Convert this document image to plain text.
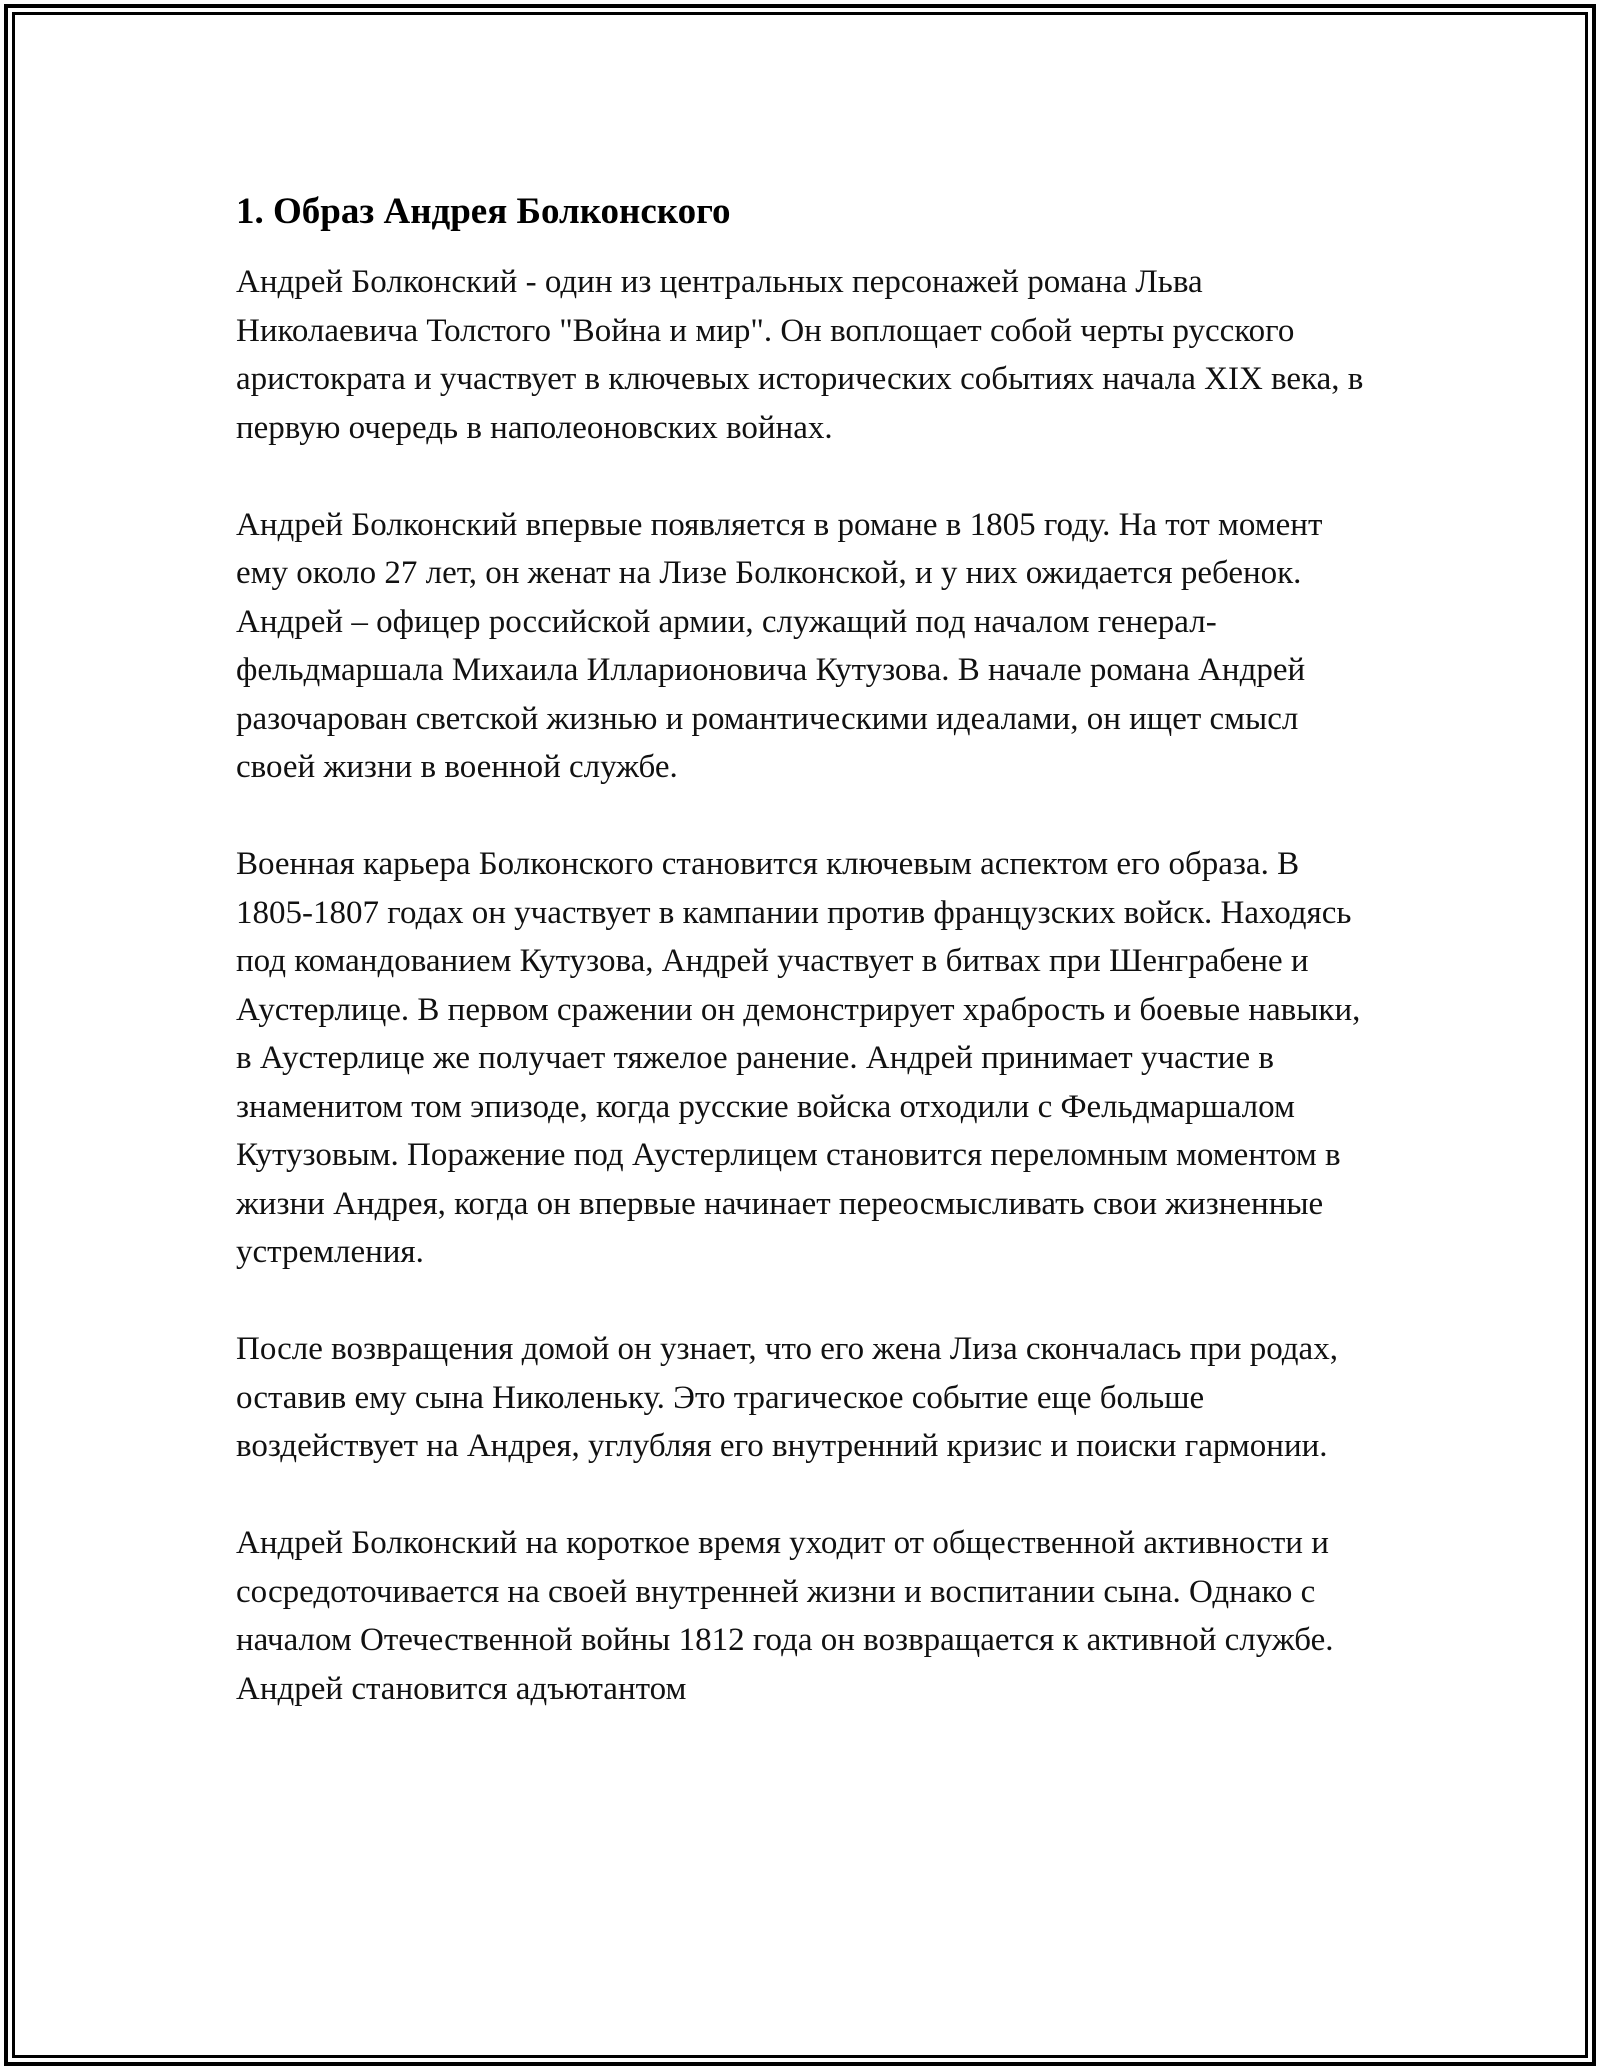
1. Образ Андрея Болконского

Андрей Болконский - один из центральных персонажей романа Льва Николаевича Толстого "Война и мир". Он воплощает собой черты русского аристократа и участвует в ключевых исторических событиях начала XIX века, в первую очередь в наполеоновских войнах.

Андрей Болконский впервые появляется в романе в 1805 году. На тот момент ему около 27 лет, он женат на Лизе Болконской, и у них ожидается ребенок. Андрей – офицер российской армии, служащий под началом генерал-фельдмаршала Михаила Илларионовича Кутузова. В начале романа Андрей разочарован светской жизнью и романтическими идеалами, он ищет смысл своей жизни в военной службе.

Военная карьера Болконского становится ключевым аспектом его образа. В 1805-1807 годах он участвует в кампании против французских войск. Находясь под командованием Кутузова, Андрей участвует в битвах при Шенграбене и Аустерлице. В первом сражении он демонстрирует храбрость и боевые навыки, в Аустерлице же получает тяжелое ранение. Андрей принимает участие в знаменитом том эпизоде, когда русские войска отходили с Фельдмаршалом Кутузовым. Поражение под Аустерлицем становится переломным моментом в жизни Андрея, когда он впервые начинает переосмысливать свои жизненные устремления.

После возвращения домой он узнает, что его жена Лиза скончалась при родах, оставив ему сына Николеньку. Это трагическое событие еще больше воздействует на Андрея, углубляя его внутренний кризис и поиски гармонии.

Андрей Болконский на короткое время уходит от общественной активности и сосредоточивается на своей внутренней жизни и воспитании сына. Однако с началом Отечественной войны 1812 года он возвращается к активной службе. Андрей становится адъютантом
